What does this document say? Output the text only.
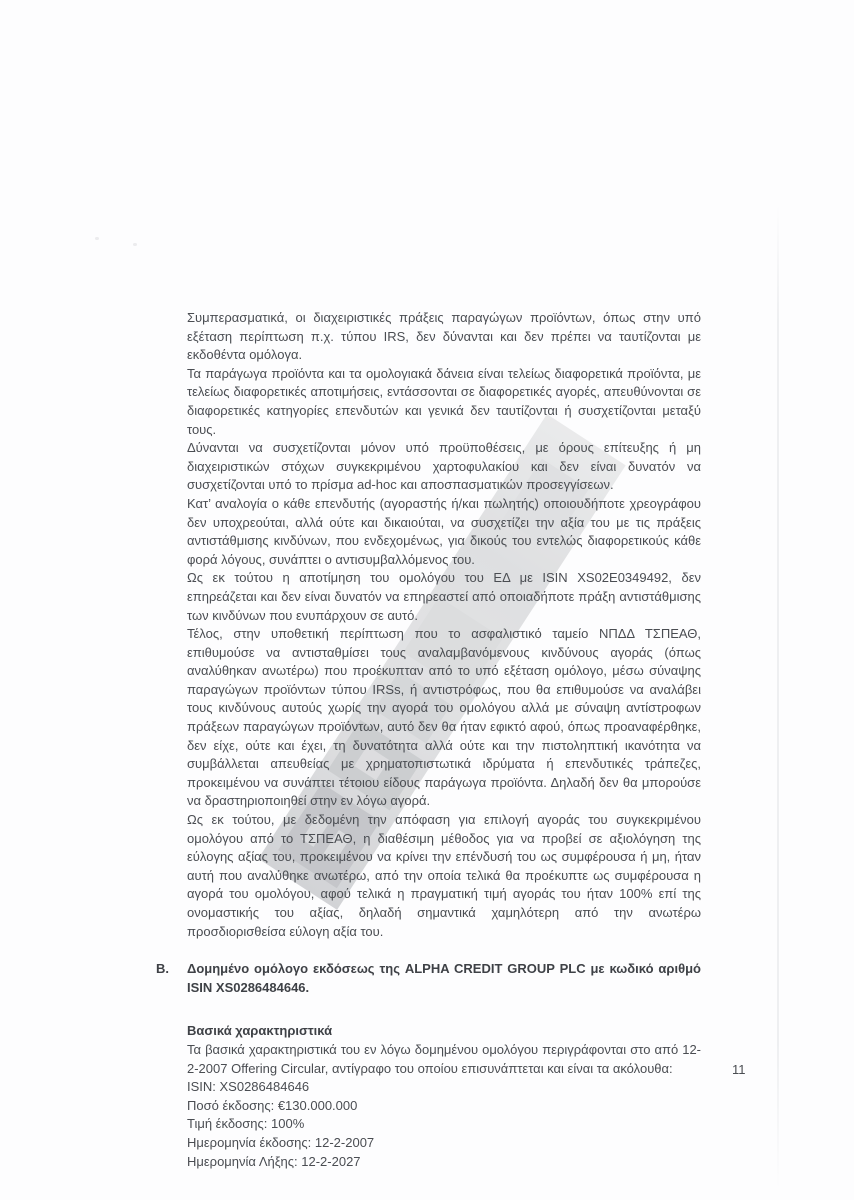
Συμπερασματικά, οι διαχειριστικές πράξεις παραγώγων προϊόντων, όπως στην υπό εξέταση περίπτωση π.χ. τύπου IRS, δεν δύνανται και δεν πρέπει να ταυτίζονται με εκδοθέντα ομόλογα.

Τα παράγωγα προϊόντα και τα ομολογιακά δάνεια είναι τελείως διαφορετικά προϊόντα, με τελείως διαφορετικές αποτιμήσεις, εντάσσονται σε διαφορετικές αγορές, απευθύνονται σε διαφορετικές κατηγορίες επενδυτών και γενικά δεν ταυτίζονται ή συσχετίζονται μεταξύ τους.

Δύνανται να συσχετίζονται μόνον υπό προϋποθέσεις, με όρους επίτευξης ή μη διαχειριστικών στόχων συγκεκριμένου χαρτοφυλακίου και δεν είναι δυνατόν να συσχετίζονται υπό το πρίσμα ad-hoc και αποσπασματικών προσεγγίσεων.

Κατ’ αναλογία ο κάθε επενδυτής (αγοραστής ή/και πωλητής) οποιουδήποτε χρεογράφου δεν υποχρεούται, αλλά ούτε και δικαιούται, να συσχετίζει την αξία του με τις πράξεις αντιστάθμισης κινδύνων, που ενδεχομένως, για δικούς του εντελώς διαφορετικούς κάθε φορά λόγους, συνάπτει ο αντισυμβαλλόμενος του.

Ως εκ τούτου η αποτίμηση του ομολόγου του ΕΔ με ISIN XS02E0349492, δεν επηρεάζεται και δεν είναι δυνατόν να επηρεαστεί από οποιαδήποτε πράξη αντιστάθμισης των κινδύνων που ενυπάρχουν σε αυτό.

Τέλος, στην υποθετική περίπτωση που το ασφαλιστικό ταμείο ΝΠΔΔ ΤΣΠΕΑΘ, επιθυμούσε να αντισταθμίσει τους αναλαμβανόμενους κινδύνους αγοράς (όπως αναλύθηκαν ανωτέρω) που προέκυπταν από το υπό εξέταση ομόλογο, μέσω σύναψης παραγώγων προϊόντων τύπου IRSs, ή αντιστρόφως, που θα επιθυμούσε να αναλάβει τους κινδύνους αυτούς χωρίς την αγορά του ομολόγου αλλά με σύναψη αντίστροφων πράξεων παραγώγων προϊόντων, αυτό δεν θα ήταν εφικτό αφού, όπως προαναφέρθηκε, δεν είχε, ούτε και έχει, τη δυνατότητα αλλά ούτε και την πιστοληπτική ικανότητα να συμβάλλεται απευθείας με χρηματοπιστωτικά ιδρύματα ή επενδυτικές τράπεζες, προκειμένου να συνάπτει τέτοιου είδους παράγωγα προϊόντα. Δηλαδή δεν θα μπορούσε να δραστηριοποιηθεί στην εν λόγω αγορά.

Ως εκ τούτου, με δεδομένη την απόφαση για επιλογή αγοράς του συγκεκριμένου ομολόγου από το ΤΣΠΕΑΘ, η διαθέσιμη μέθοδος για να προβεί σε αξιολόγηση της εύλογης αξίας του, προκειμένου να κρίνει την επένδυσή του ως συμφέρουσα ή μη, ήταν αυτή που αναλύθηκε ανωτέρω, από την οποία τελικά θα προέκυπτε ως συμφέρουσα η αγορά του ομολόγου, αφού τελικά η πραγματική τιμή αγοράς του ήταν 100% επί της ονομαστικής του αξίας, δηλαδή σημαντικά χαμηλότερη από την ανωτέρω προσδιορισθείσα εύλογη αξία του.

Β. Δομημένο ομόλογο εκδόσεως της ALPHA CREDIT GROUP PLC με κωδικό αριθμό ISIN XS0286484646.
Βασικά χαρακτηριστικά

Τα βασικά χαρακτηριστικά του εν λόγω δομημένου ομολόγου περιγράφονται στο από 12-2-2007 Offering Circular, αντίγραφο του οποίου επισυνάπτεται και είναι τα ακόλουθα:

ISIN: XS0286484646
Ποσό έκδοσης: €130.000.000
Τιμή έκδοσης: 100%
Ημερομηνία έκδοσης: 12-2-2007
Ημερομηνία Λήξης: 12-2-2027
11
